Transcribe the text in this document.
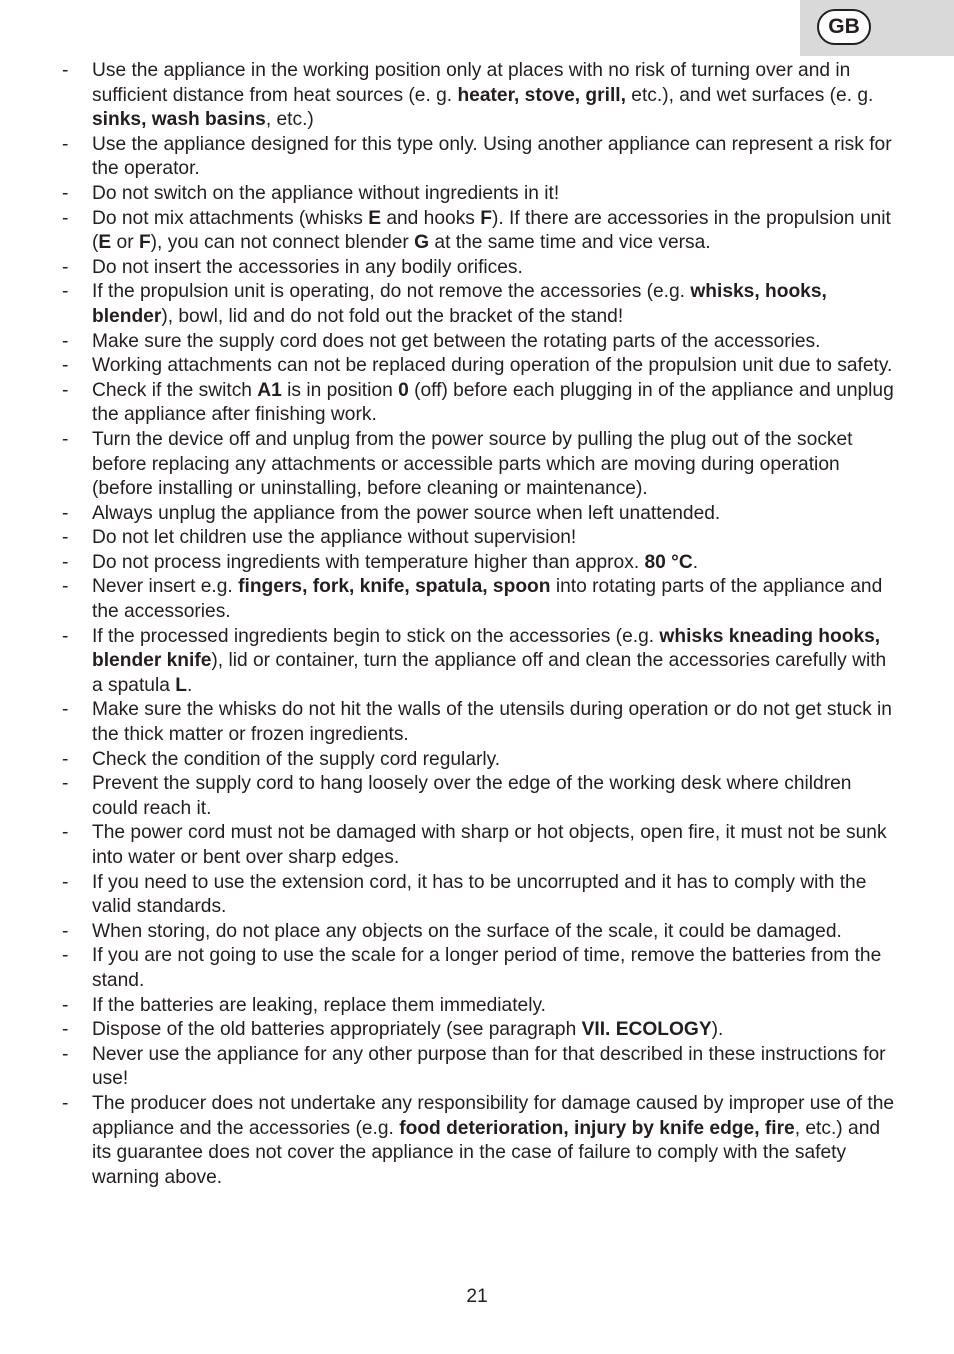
GB
- Use the appliance in the working position only at places with no risk of turning over and in sufficient distance from heat sources (e. g. heater, stove, grill, etc.), and wet surfaces (e. g. sinks, wash basins, etc.)
- Use the appliance designed for this type only. Using another appliance can represent a risk for the operator.
- Do not switch on the appliance without ingredients in it!
- Do not mix attachments (whisks E and hooks F). If there are accessories in the propulsion unit (E or F), you can not connect blender G at the same time and vice versa.
- Do not insert the accessories in any bodily orifices.
- If the propulsion unit is operating, do not remove the accessories (e.g. whisks, hooks, blender), bowl, lid and do not fold out the bracket of the stand!
- Make sure the supply cord does not get between the rotating parts of the accessories.
- Working attachments can not be replaced during operation of the propulsion unit due to safety.
- Check if the switch A1 is in position 0 (off) before each plugging in of the appliance and unplug the appliance after finishing work.
- Turn the device off and unplug from the power source by pulling the plug out of the socket before replacing any attachments or accessible parts which are moving during operation (before installing or uninstalling, before cleaning or maintenance).
- Always unplug the appliance from the power source when left unattended.
- Do not let children use the appliance without supervision!
- Do not process ingredients with temperature higher than approx. 80 °C.
- Never insert e.g. fingers, fork, knife, spatula, spoon into rotating parts of the appliance and the accessories.
- If the processed ingredients begin to stick on the accessories (e.g. whisks kneading hooks, blender knife), lid or container, turn the appliance off and clean the accessories carefully with a spatula L.
- Make sure the whisks do not hit the walls of the utensils during operation or do not get stuck in the thick matter or frozen ingredients.
- Check the condition of the supply cord regularly.
- Prevent the supply cord to hang loosely over the edge of the working desk where children could reach it.
- The power cord must not be damaged with sharp or hot objects, open fire, it must not be sunk into water or bent over sharp edges.
- If you need to use the extension cord, it has to be uncorrupted and it has to comply with the valid standards.
- When storing, do not place any objects on the surface of the scale, it could be damaged.
- If you are not going to use the scale for a longer period of time, remove the batteries from the stand.
- If the batteries are leaking, replace them immediately.
- Dispose of the old batteries appropriately (see paragraph VII. ECOLOGY).
- Never use the appliance for any other purpose than for that described in these instructions for use!
- The producer does not undertake any responsibility for damage caused by improper use of the appliance and the accessories (e.g. food deterioration, injury by knife edge, fire, etc.) and its guarantee does not cover the appliance in the case of failure to comply with the safety warning above.
21
